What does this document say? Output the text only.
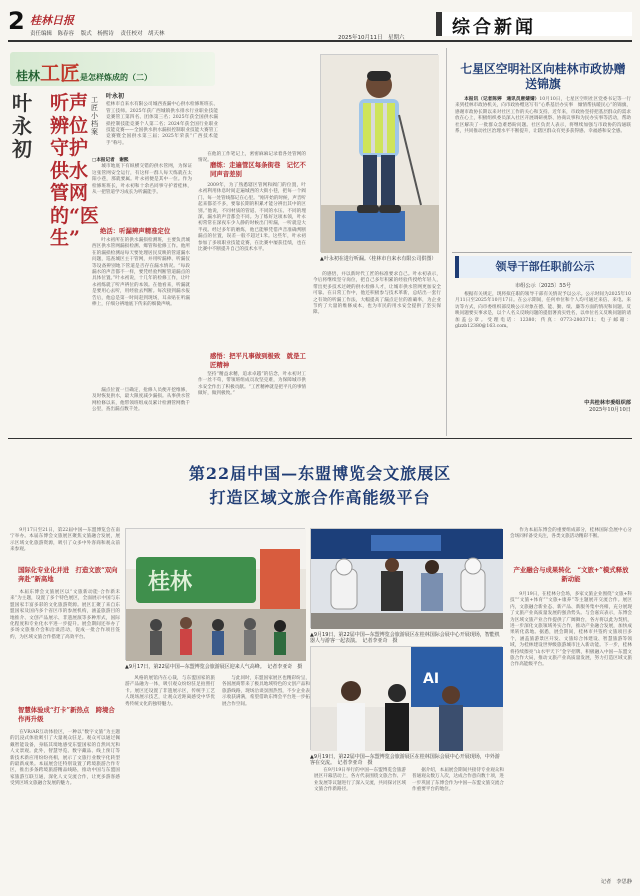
2 桂林日报
责任编辑　陈春容 版式　杨熙诗 责任校对　胡天林
2025年10月11日　星期六	综合新闻
桂林工匠是怎样炼成的（二）
叶永初
听声辨位守护供水管网的“医生”
工匠小档案
叶永初
桂林市自来水有限公司城西查漏中心供水检修班班长、管工技师。2025年获广西城镇供水排水行业职业技能竞赛管工第四名、团体第三名；2025年获全国供水漏损控制技能竞赛个人第二名；2024年获全国行业职业技能竞赛——全国供水供水漏损控制职业技能大赛管工竞赛暨全国供水第三届；2025年荣获“广西技术能手”称号。
□本报记者　谢熙

城市地底下有纵横交错的供水管网，为保证这张管网安全运行，有这样一群人每天练就在太阳小巷，那就要属。叶永初便是其中一位。作为检修班班长，叶永初和十余名同事守护着桂林，从一把管道学习成长为听漏能手。

绝活：听漏辨声精准定位

叶永初所在的供水漏损检测班，主要负责城西区供水管网漏损检测、爆管和抢修工作。他所在的漏损检测站每天要处理居民反映的管道漏水问题，巡查城区主干管网，并用听漏棒、听漏仪等设备辨别地下管道是否存在漏水情况。“每段漏水的声音都不一样，要凭经验判断管道漏点的具体位置。”叶永初说，十几年的检修工作，让叶永初练就了听声辨位的本领。在他看来，听漏就是要用心去听，用经验去判断。每次接到漏水报告后，他总是第一时间赶到现场，耳朵贴在听漏棒上，仔细分辨地底下传来的细微声响。

漏点位置一旦确定，抢修人员便开挖维修，及时恢复供水，最大限度减少漏损。从事供水管网检修以来，他带领班组成员累计检测管网数千公里，查出漏点数千处。

在他的工作笔记上，密密麻麻记录着各处管网的情况。

磨练：走遍管区每条街巷　记忆不同声音差别

2009年，为了熟悉辖区管网和阀门的位置，叶永初利用休息时间走遍城西的大街小巷，把每一个阀门、每一处管线都记在心里。“刚开始的时候，声音听起来都差不多，要靠长期的积累才能分辨出其中的区别。”他说，不同材质的管道、不同的水压、不同的埋深，漏水的声音都会不同。为了练好这项本领，叶永初常常在深夜车少人静的时候出门听漏，一听就是大半夜。经过多年的磨炼，他已能够凭借声音准确判断漏点的位置，误差一般不超过1米。这些年，叶永初参加了多项职业技能竞赛，在比赛中屡获佳绩，也在比赛中不断提升自己的技术水平。

感悟：把平凡事做到极致　就是工匠精神

坚持“精益求精，追求卓越”的信念，叶永初对工作一丝不苟，带领班组成员攻坚克难，为保障城市供水安全作出了积极贡献。“工匠精神就是把平凡的事情做好，做到极致。”

▲叶永初在进行听漏。（桂林市自来水有限公司供图）

的感悟，并以新时代工匠的标准要求自己。叶永初表示，今后将继续坚守岗位，把自己多年积累的经验传授给年轻人，带出更多技术过硬的供水检修人才，让城市供水管网更加安全可靠。在日常工作中，他还积极参与技术革新，总结出一套行之有效的听漏工作法，大幅提高了漏点定位的准确率，为企业节约了大量的维修成本，也为市民的用水安全提供了坚实保障。

七星区空明社区向桂林市政协赠送锦旗

本报讯（记者陈婷　通讯员唐婧婧）10月10日，七星区空明社区党委书记等一行来到桂林市政协机关，向市政协赠送写有“心系基层办实事　倾情帮扶暖民心”的锦旗，感谢市政协长期以来对社区工作的关心和支持。近年来，市政协坚持把基层群众的需求放在心上，积极组织委员深入社区开展调研视察、协商议事和为民办实事等活动，帮助社区解决了一批群众急难愁盼问题。社区负责人表示，将继续加强与市政协的沟通联系，共同推动社区治理水平不断提升，让辖区群众有更多获得感、幸福感和安全感。

领导干部任职前公示
市组公示〔2025〕55号

根据有关规定，现将拟任职的领导干部有关情况予以公示。公示时间为2025年10月11日至2025年10月17日。在公示期间，任何单位和个人均可通过来信、来电、来访等方式，向市委组织部反映公示对象在德、能、勤、绩、廉等方面的情况和问题。反映问题要实事求是，以个人名义反映问题的提倡署真实姓名，以单位名义反映问题的请加盖公章。受理电话：12380；传真：0773-2803711；电子邮箱：glzzb12380@163.com。

中共桂林市委组织部
2025年10月10日
第22届中国—东盟博览会文旅展区
打造区域文旅合作高能级平台

9月17日至21日，第22届中国—东盟博览会在南宁举办。本届东博会文旅展区聚焦文旅融合发展，展示区域文化旅游资源，吸引了众多中外客商和观众前来参观。

国际化专业化并进　打造文旅“双向奔赴”新高地

本届东博会文旅展区以“文旅新动能·合作新未来”为主题，设置了多个特色展区，全面展示中国与东盟国家丰富多彩的文化旅游资源。展区汇聚了来自东盟国家及国内多个省区市的参展机构，涵盖旅游目的地推介、文创产品展示、非遗展演等多种形式，国际化程度和专业化水平进一步提升。展会期间还举办了多场文旅推介会和洽谈活动，促成一批合作项目签约，为区域文旅合作搭建了高效平台。

智慧体验成“打卡”新热点　跨境合作再升级

在VR/AR互动体验区，一种以“数字文旅”为主题的沉浸式体验吸引了大量观众驻足。观众可以通过佩戴智能设备，身临其境地感受东盟国家的自然风光和人文景观。此外，智慧导览、数字藏品、线上预订等新技术新应用纷纷亮相，展示了文旅行业数字化转型的最新成果。本届展会还特别设置了跨境旅游合作专区，推出多条跨境旅游精品线路，推动中国与东盟国家旅游互联互通，深化人文交流合作，让更多游客感受到区域文旅融合发展的魅力。

桂林
▲9月17日，第22届中国—东盟博览会旅游展区迎来人气高峰。　记者李亚奇　摄

风格的展馆内在心裁，与东盟国家的旅游产品融为一体，吸引观众纷纷驻足拍照打卡。展区还设置了非遗展示区，传统手工艺人现场展示技艺，让观众近距离感受中华优秀传统文化的独特魅力。

与此同时，东盟国家展区也精彩纷呈，各国展商带来了极具地域特色的文创产品和旅游线路，现场洽谈氛围热烈，不少企业表示收获满满，希望借助东博会平台进一步拓展合作空间。

▲9月19日，第22届中国—东盟博览会旅游展区在桂林国际会展中心开展现场，智能机器人与游客一起表演。　记者李亚奇　摄
AI
▲9月19日，第22届中国—东盟博览会旅游展区在桂林国际会展中心开展现场，中外游客在交流。　记者李亚奇　摄

在9月19日举行的中国—东盟博览会旅游展区开幕活动上，各方代表围绕文旅合作、产业发展等议题进行了深入交流，共同探讨区域文旅合作新路径。

据介绍，本届展会期间共接待专业观众和普通观众数万人次，达成合作意向数十项，进一步巩固了东博会作为中国—东盟文旅交流合作重要平台的地位。

作为本届东博会的重要组成部分，桂林国际会展中心分会场同样备受关注，各类文旅活动精彩不断。

产业融合与成果转化　“文旅+”模式释放新动能

9月19日，在桂林分会场，多家文旅企业围绕“文旅+科技”“文旅+体育”“文旅+康养”等主题展开交流合作。展区内，文旅融合新业态、新产品、新服务集中亮相，充分展现了文旅产业高质量发展的强劲势头。与会嘉宾表示，东博会为区域文旅产业合作提供了广阔舞台，各方将以此为契机，进一步深化文旅领域务实合作，推动产业融合发展，加快成果转化落地。据悉，展会期间，桂林市共签约文旅项目多个，涵盖旅游景区开发、文旅综合体建设、智慧旅游等领域，为桂林建设世界级旅游城市注入新动能。下一步，桂林将持续擦亮“山水甲天下”金字招牌，积极融入中国—东盟文旅合作大局，推动文旅产业高质量发展，努力打造区域文旅合作高能级平台。

记者　李思静
